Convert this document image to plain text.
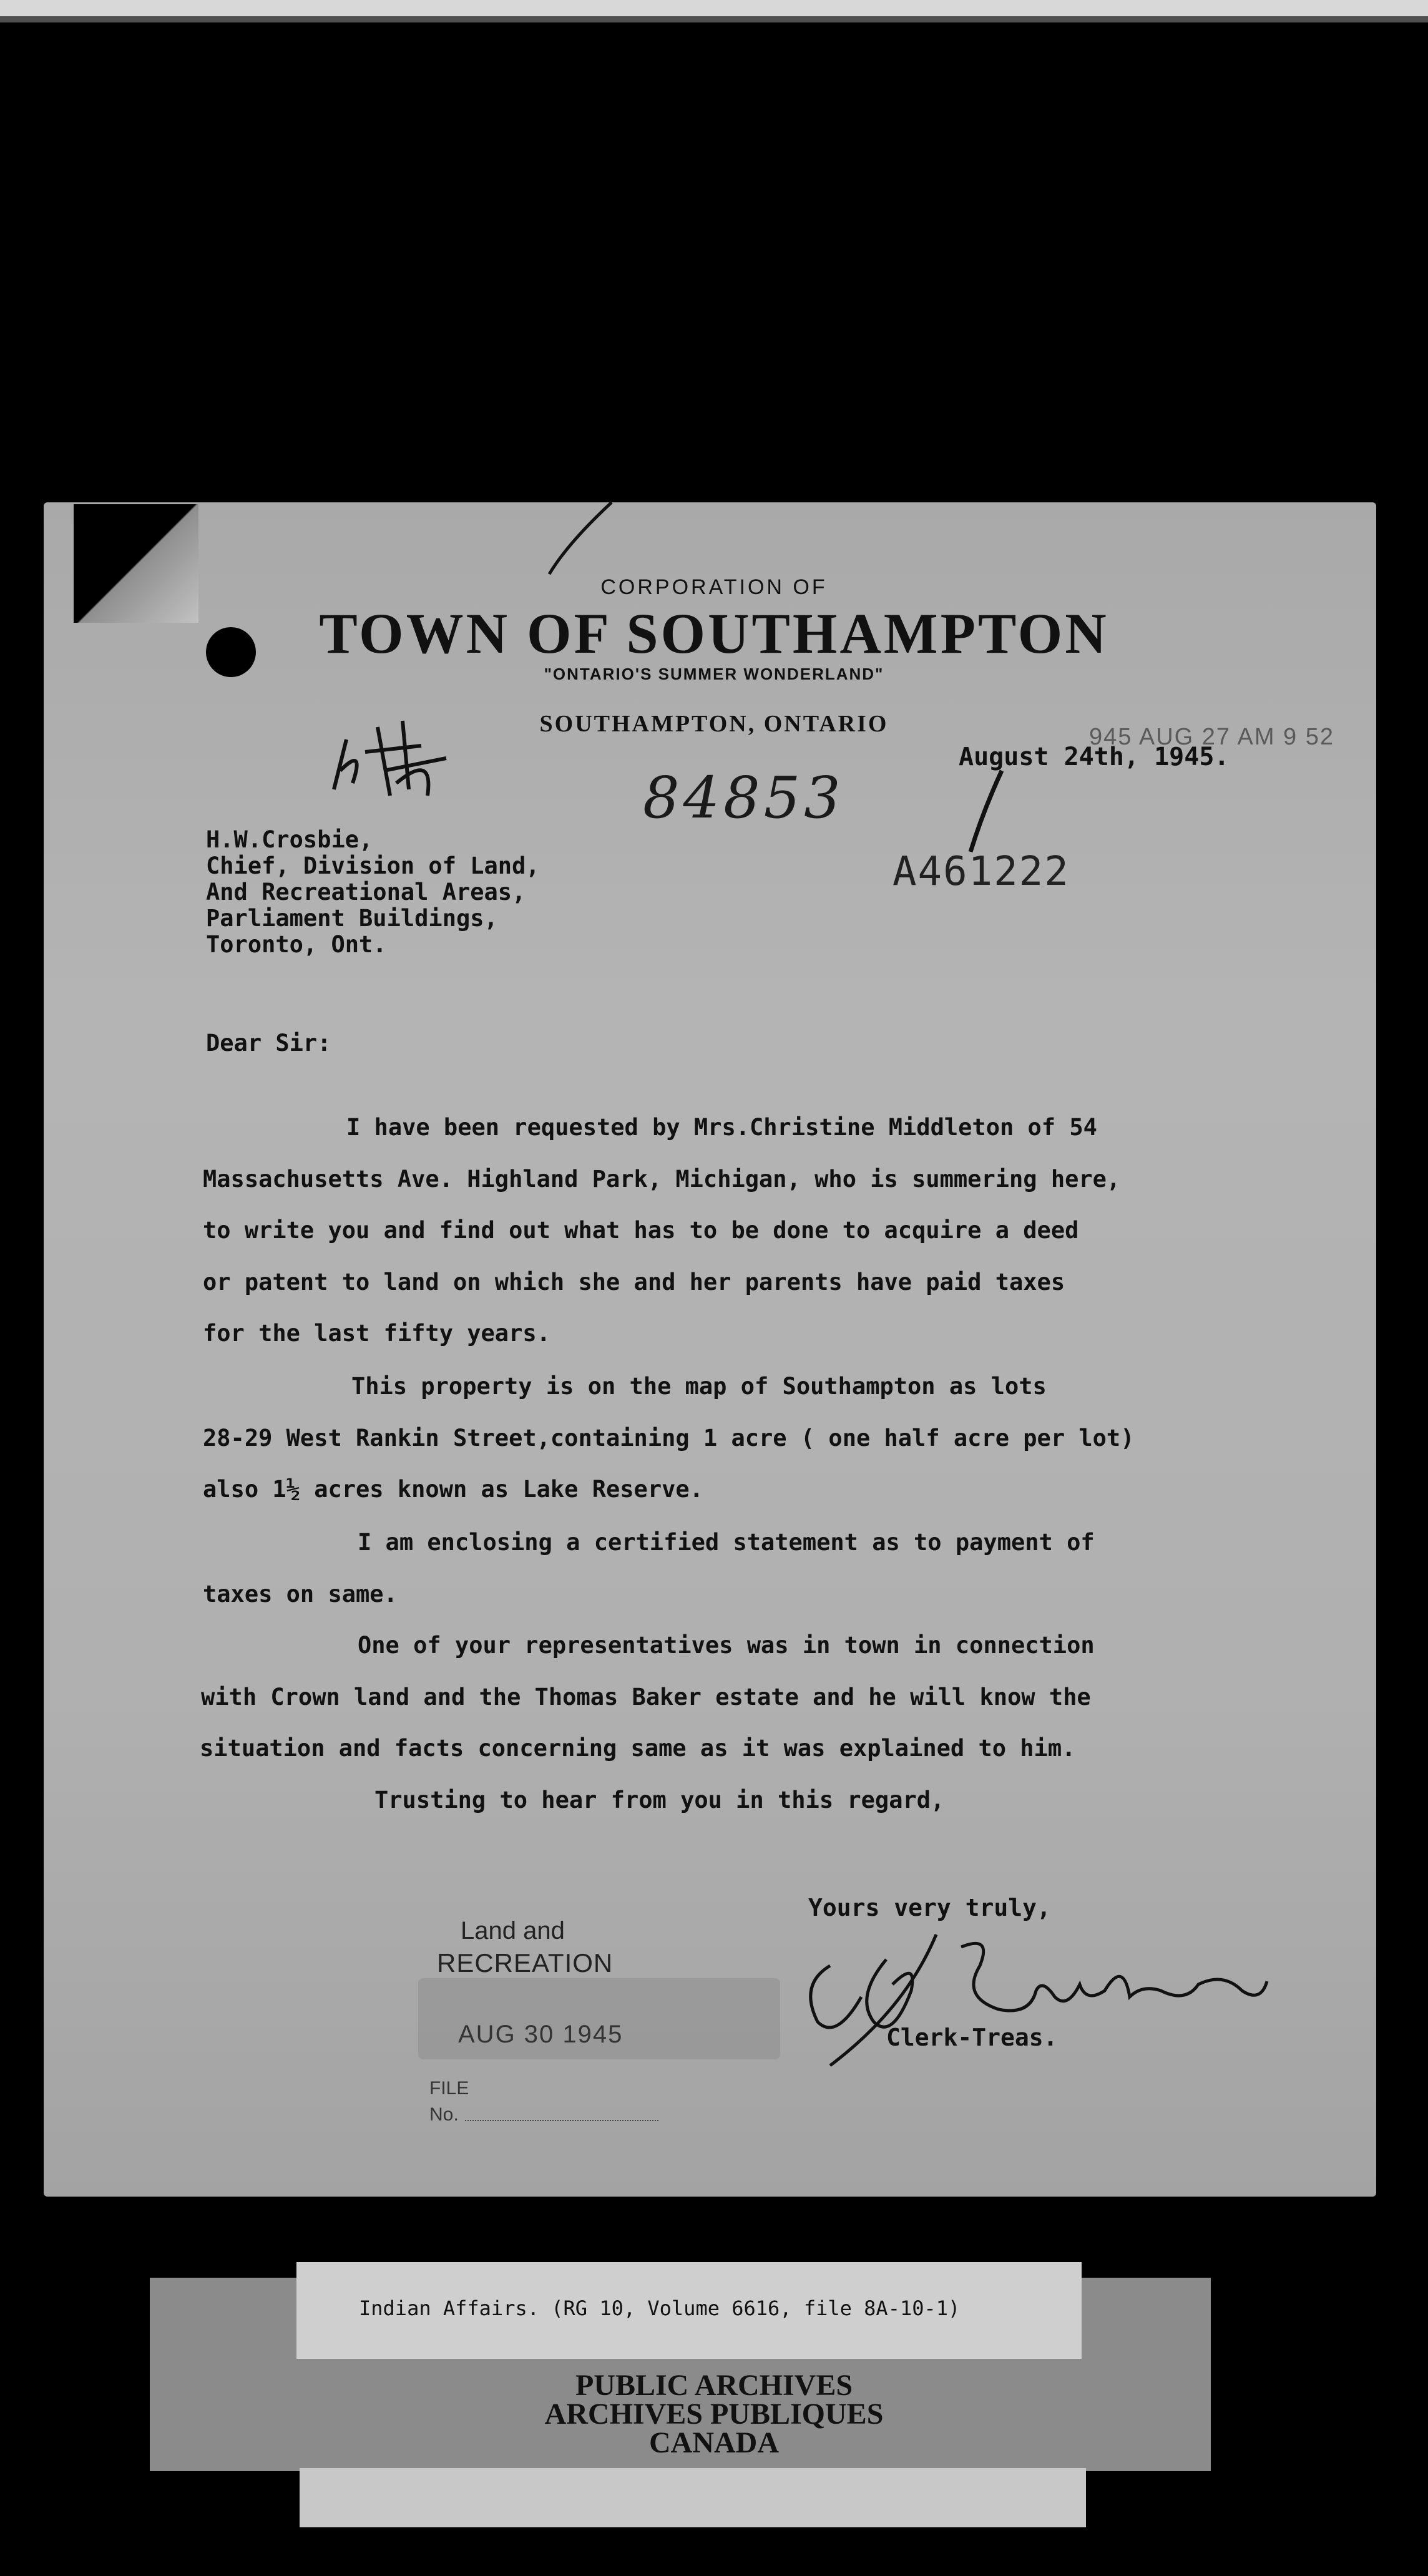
CORPORATION OF
TOWN OF SOUTHAMPTON
"ONTARIO'S SUMMER WONDERLAND"
SOUTHAMPTON, ONTARIO	945 AUG 27 AM 9 52
August 24th, 1945.
84853
A461222
H.W.Crosbie,
Chief, Division of Land,
And Recreational Areas,
Parliament Buildings,
Toronto, Ont.
Dear Sir:
I have been requested by Mrs.Christine Middleton of 54
Massachusetts Ave. Highland Park, Michigan, who is summering here,
to write you and find out what has to be done to acquire a deed
or patent to land on which she and her parents have paid taxes
for the last fifty years.
This property is on the map of Southampton as lots
28-29 West Rankin Street,containing 1 acre ( one half acre per lot)
also 1½ acres known as Lake Reserve.
I am enclosing a certified statement as to payment of
taxes on same.
One of your representatives was in town in connection
with Crown land and the Thomas Baker estate and he will know the
situation and facts concerning same as it was explained to him.
Trusting to hear from you in this regard,
Yours very truly,
Clerk-Treas.
Land and
RECREATION
AUG 30 1945
FILE
No.
Indian Affairs. (RG 10, Volume 6616, file 8A-10-1)
PUBLIC ARCHIVES
ARCHIVES PUBLIQUES
CANADA
